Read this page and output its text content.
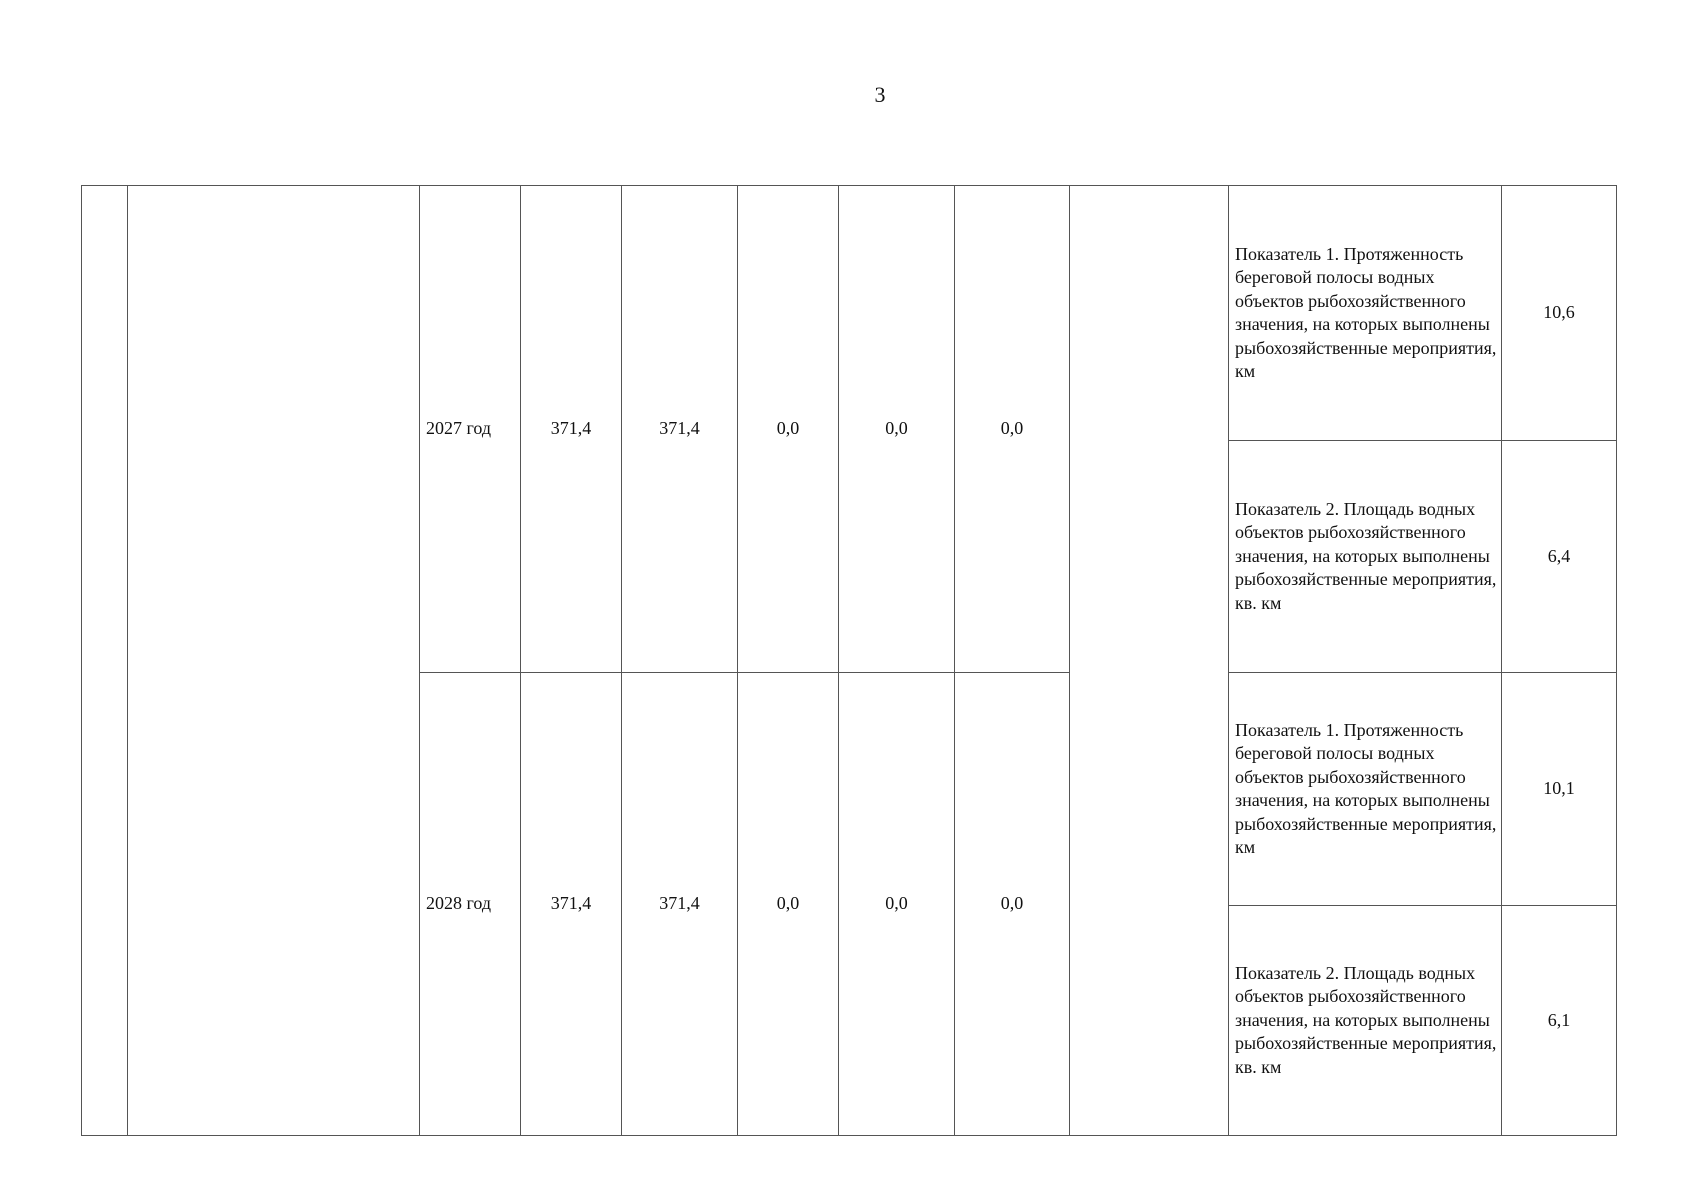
3
		2027 год	371,4	371,4	0,0	0,0	0,0		Показатель 1. Протяженность береговой полосы водных объектов рыбохозяйственного значения, на которых выполнены рыбохозяйственные мероприятия, км	10,6

									Показатель 2. Площадь водных объектов рыбохозяйственного значения, на которых выполнены рыбохозяйственные мероприятия, кв. км	6,4
		2028 год	371,4	371,4	0,0	0,0	0,0		Показатель 1. Протяженность береговой полосы водных объектов рыбохозяйственного значения, на которых выполнены рыбохозяйственные мероприятия, км	10,1

									Показатель 2. Площадь водных объектов рыбохозяйственного значения, на которых выполнены рыбохозяйственные мероприятия, кв. км	6,1
